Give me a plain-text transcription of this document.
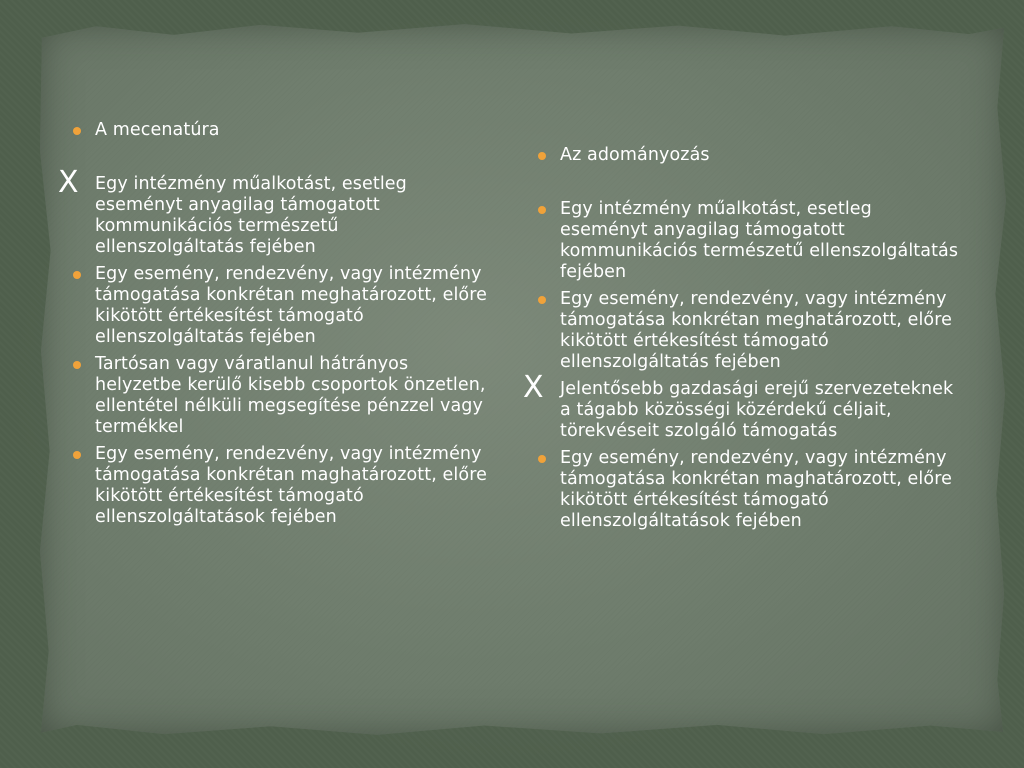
A mecenatúra
X Egy intézmény műalkotást, esetleg eseményt anyagilag támogatott kommunikációs természetű ellenszolgáltatás fejében
Egy esemény, rendezvény, vagy intézmény támogatása konkrétan meghatározott, előre kikötött értékesítést támogató ellenszolgáltatás fejében
Tartósan vagy váratlanul hátrányos helyzetbe kerülő kisebb csoportok önzetlen, ellentétel nélküli megsegítése pénzzel vagy termékkel
Egy esemény, rendezvény, vagy intézmény támogatása konkrétan maghatározott, előre kikötött értékesítést támogató ellenszolgáltatások fejében
Az adományozás
Egy intézmény műalkotást, esetleg eseményt anyagilag támogatott kommunikációs természetű ellenszolgáltatás fejében
Egy esemény, rendezvény, vagy intézmény támogatása konkrétan meghatározott, előre kikötött értékesítést támogató ellenszolgáltatás fejében
X Jelentősebb gazdasági erejű szervezeteknek a tágabb közösségi közérdekű céljait, törekvéseit szolgáló támogatás
Egy esemény, rendezvény, vagy intézmény támogatása konkrétan maghatározott, előre kikötött értékesítést támogató ellenszolgáltatások fejében
